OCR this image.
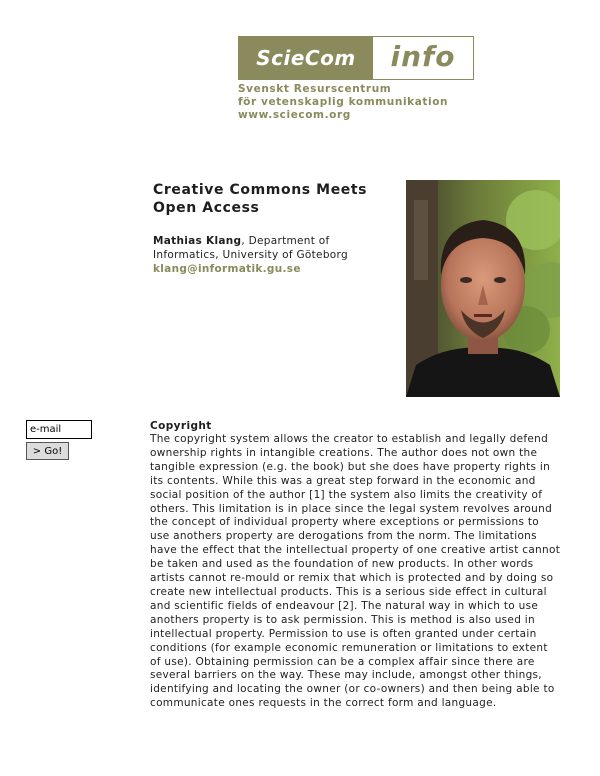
ScieCom	info
Svenskt Resurscentrum
för vetenskaplig kommunikation
www.sciecom.org
Creative Commons Meets
Open Access
Mathias Klang, Department of Informatics, University of Göteborg
klang@informatik.gu.se
e-mail
> Go!
Copyright

The copyright system allows the creator to establish and legally defend ownership rights in intangible creations. The author does not own the tangible expression (e.g. the book) but she does have property rights in its contents. While this was a great step forward in the economic and social position of the author [1] the system also limits the creativity of others. This limitation is in place since the legal system revolves around the concept of individual property where exceptions or permissions to use anothers property are derogations from the norm. The limitations have the effect that the intellectual property of one creative artist cannot be taken and used as the foundation of new products. In other words artists cannot re-mould or remix that which is protected and by doing so create new intellectual products. This is a serious side effect in cultural and scientific fields of endeavour [2]. The natural way in which to use anothers property is to ask permission. This is method is also used in intellectual property. Permission to use is often granted under certain conditions (for example economic remuneration or limitations to extent of use). Obtaining permission can be a complex affair since there are several barriers on the way. These may include, amongst other things, identifying and locating the owner (or co-owners) and then being able to communicate ones requests in the correct form and language.
